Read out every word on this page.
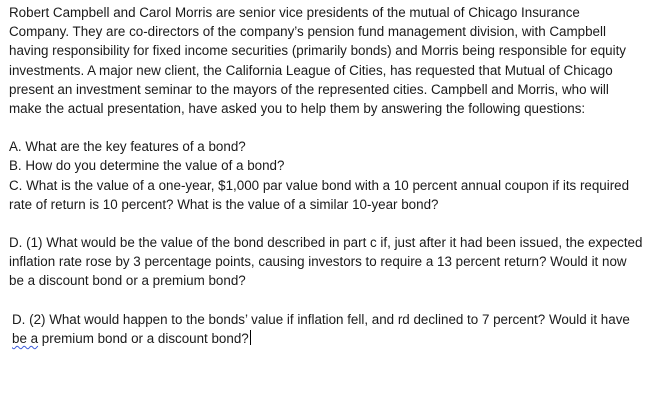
Robert Campbell and Carol Morris are senior vice presidents of the mutual of Chicago Insurance Company. They are co-directors of the company’s pension fund management division, with Campbell having responsibility for fixed income securities (primarily bonds) and Morris being responsible for equity investments. A major new client, the California League of Cities, has requested that Mutual of Chicago present an investment seminar to the mayors of the represented cities. Campbell and Morris, who will make the actual presentation, have asked you to help them by answering the following questions:

A. What are the key features of a bond?

B. How do you determine the value of a bond?

C. What is the value of a one-year, $1,000 par value bond with a 10 percent annual coupon if its required rate of return is 10 percent? What is the value of a similar 10-year bond?

D. (1) What would be the value of the bond described in part c if, just after it had been issued, the expected inflation rate rose by 3 percentage points, causing investors to require a 13 percent return? Would it now be a discount bond or a premium bond?

D. (2) What would happen to the bonds’ value if inflation fell, and rd declined to 7 percent? Would it have be a premium bond or a discount bond?
